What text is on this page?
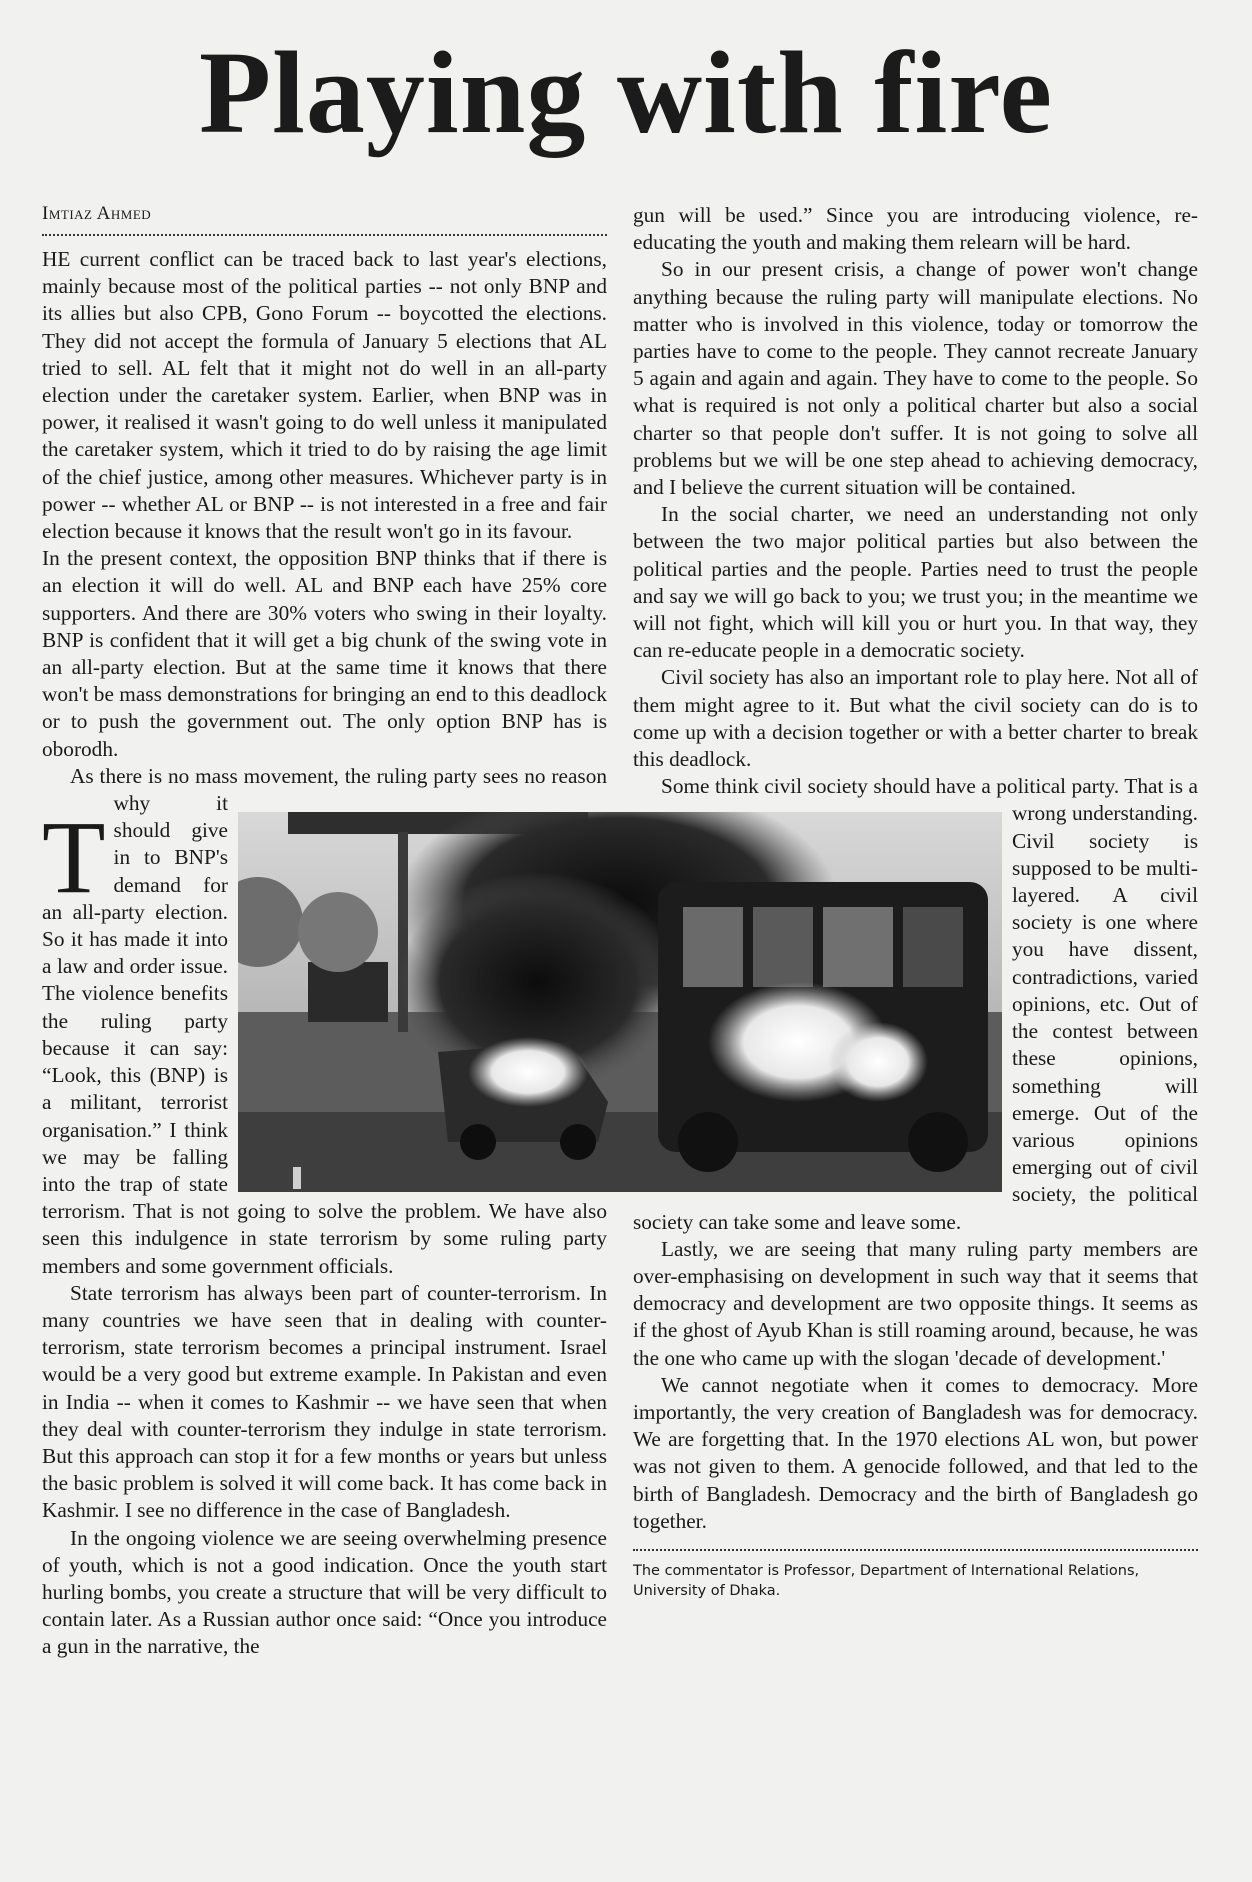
Playing with fire
Imtiaz Ahmed

T
HE current conflict can be traced back to last year's elections, mainly because most of the political parties -- not only BNP and its allies but also CPB, Gono Forum -- boycotted the elections. They did not accept the formula of January 5 elections that AL tried to sell. AL felt that it might not do well in an all-party election under the caretaker system. Earlier, when BNP was in power, it realised it wasn't going to do well unless it manipulated the caretaker system, which it tried to do by raising the age limit of the chief justice, among other measures. Whichever party is in power -- whether AL or BNP -- is not interested in a free and fair election because it knows that the result won't go in its favour.

In the present context, the opposition BNP thinks that if there is an election it will do well. AL and BNP each have 25% core supporters. And there are 30% voters who swing in their loyalty. BNP is confident that it will get a big chunk of the swing vote in an all-party election. But at the same time it knows that there won't be mass demonstrations for bringing an end to this deadlock or to push the government out. The only option BNP has is oborodh.

As there is no mass movement, the ruling party sees no reason why it should give in to BNP's demand for an all-party election. So it has made it into a law and order issue. The violence benefits the ruling party because it can say: “Look, this (BNP) is a militant, terrorist organisation.” I think we may be falling into the trap of state terrorism. That is not going to solve the problem. We have also seen this indulgence in state terrorism by some ruling party members and some government officials.

State terrorism has always been part of counter-terrorism. In many countries we have seen that in dealing with counter-terrorism, state terrorism becomes a principal instrument. Israel would be a very good but extreme example. In Pakistan and even in India -- when it comes to Kashmir -- we have seen that when they deal with counter-terrorism they indulge in state terrorism. But this approach can stop it for a few months or years but unless the basic problem is solved it will come back. It has come back in Kashmir. I see no difference in the case of Bangladesh.

In the ongoing violence we are seeing overwhelming presence of youth, which is not a good indication. Once the youth start hurling bombs, you create a structure that will be very difficult to contain later. As a Russian author once said: “Once you introduce a gun in the narrative, the

gun will be used.” Since you are introducing violence, re-educating the youth and making them relearn will be hard.

So in our present crisis, a change of power won't change anything because the ruling party will manipulate elections. No matter who is involved in this violence, today or tomorrow the parties have to come to the people. They cannot recreate January 5 again and again and again. They have to come to the people. So what is required is not only a political charter but also a social charter so that people don't suffer. It is not going to solve all problems but we will be one step ahead to achieving democracy, and I believe the current situation will be contained.

In the social charter, we need an understanding not only between the two major political parties but also between the political parties and the people. Parties need to trust the people and say we will go back to you; we trust you; in the meantime we will not fight, which will kill you or hurt you. In that way, they can re-educate people in a democratic society.

Civil society has also an important role to play here. Not all of them might agree to it. But what the civil society can do is to come up with a decision together or with a better charter to break this deadlock.

Some think civil society should have a political party. That is a wrong understanding. Civil society is supposed to be multi-layered. A civil society is one where you have dissent, contradictions, varied opinions, etc. Out of the contest between these opinions, something will emerge. Out of the various opinions emerging out of civil society, the political society can take some and leave some.

Lastly, we are seeing that many ruling party members are over-emphasising on development in such way that it seems that democracy and development are two opposite things. It seems as if the ghost of Ayub Khan is still roaming around, because, he was the one who came up with the slogan 'decade of development.'

We cannot negotiate when it comes to democracy. More importantly, the very creation of Bangladesh was for democracy. We are forgetting that. In the 1970 elections AL won, but power was not given to them. A genocide followed, and that led to the birth of Bangladesh. Democracy and the birth of Bangladesh go together.

The commentator is Professor, Department of International Relations, University of Dhaka.
